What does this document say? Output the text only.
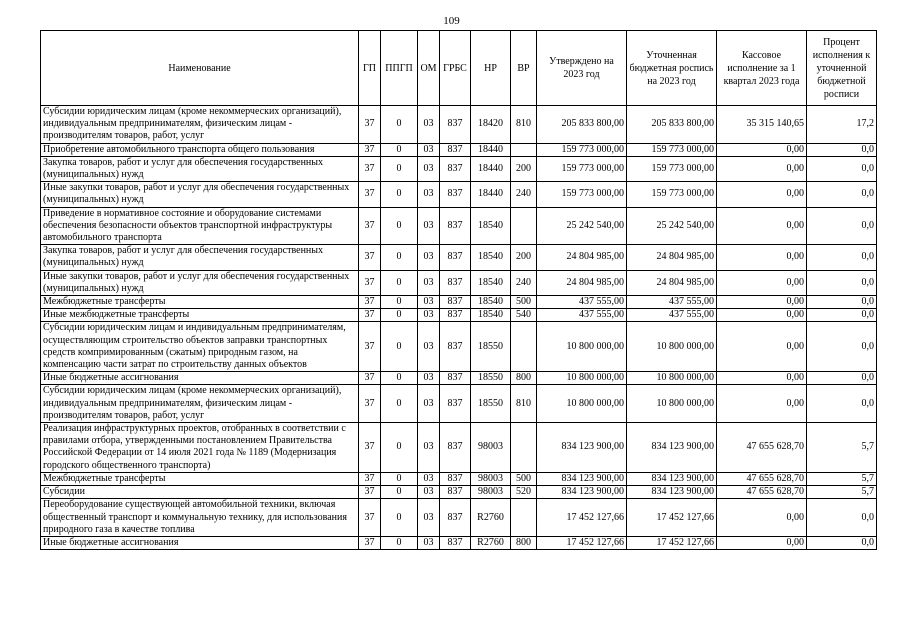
109
Наименование	ГП	ППГП	ОМ	ГРБС	НР	ВР	Утверждено на 2023 год	Уточненная бюджетная роспись на 2023 год	Кассовое исполнение за 1 квартал 2023 года	Процент исполнения к уточненной бюджетной росписи
Субсидии юридическим лицам (кроме некоммерческих организаций), индивидуальным предпринимателям, физическим лицам - производителям товаров, работ, услуг	37	0	03	837	18420	810	205 833 800,00	205 833 800,00	35 315 140,65	17,2
Приобретение автомобильного транспорта общего пользования	37	0	03	837	18440		159 773 000,00	159 773 000,00	0,00	0,0
Закупка товаров, работ и услуг для обеспечения государственных (муниципальных) нужд	37	0	03	837	18440	200	159 773 000,00	159 773 000,00	0,00	0,0
Иные закупки товаров, работ и услуг для обеспечения государственных (муниципальных) нужд	37	0	03	837	18440	240	159 773 000,00	159 773 000,00	0,00	0,0
Приведение в нормативное состояние и оборудование системами обеспечения безопасности объектов транспортной инфраструктуры автомобильного транспорта	37	0	03	837	18540		25 242 540,00	25 242 540,00	0,00	0,0
Закупка товаров, работ и услуг для обеспечения государственных (муниципальных) нужд	37	0	03	837	18540	200	24 804 985,00	24 804 985,00	0,00	0,0
Иные закупки товаров, работ и услуг для обеспечения государственных (муниципальных) нужд	37	0	03	837	18540	240	24 804 985,00	24 804 985,00	0,00	0,0
Межбюджетные трансферты	37	0	03	837	18540	500	437 555,00	437 555,00	0,00	0,0
Иные межбюджетные трансферты	37	0	03	837	18540	540	437 555,00	437 555,00	0,00	0,0
Субсидии юридическим лицам и индивидуальным предпринимателям, осуществляющим строительство объектов заправки транспортных средств компримированным (сжатым) природным газом, на компенсацию части затрат по строительству данных объектов	37	0	03	837	18550		10 800 000,00	10 800 000,00	0,00	0,0
Иные бюджетные ассигнования	37	0	03	837	18550	800	10 800 000,00	10 800 000,00	0,00	0,0
Субсидии юридическим лицам (кроме некоммерческих организаций), индивидуальным предпринимателям, физическим лицам - производителям товаров, работ, услуг	37	0	03	837	18550	810	10 800 000,00	10 800 000,00	0,00	0,0
Реализация инфраструктурных проектов, отобранных в соответствии с правилами отбора, утвержденными постановлением Правительства Российской Федерации от 14 июля 2021 года № 1189 (Модернизация городского общественного транспорта)	37	0	03	837	98003		834 123 900,00	834 123 900,00	47 655 628,70	5,7
Межбюджетные трансферты	37	0	03	837	98003	500	834 123 900,00	834 123 900,00	47 655 628,70	5,7
Субсидии	37	0	03	837	98003	520	834 123 900,00	834 123 900,00	47 655 628,70	5,7
Переоборудование существующей автомобильной техники, включая общественный транспорт и коммунальную технику, для использования природного газа в качестве топлива	37	0	03	837	R2760		17 452 127,66	17 452 127,66	0,00	0,0
Иные бюджетные ассигнования	37	0	03	837	R2760	800	17 452 127,66	17 452 127,66	0,00	0,0
